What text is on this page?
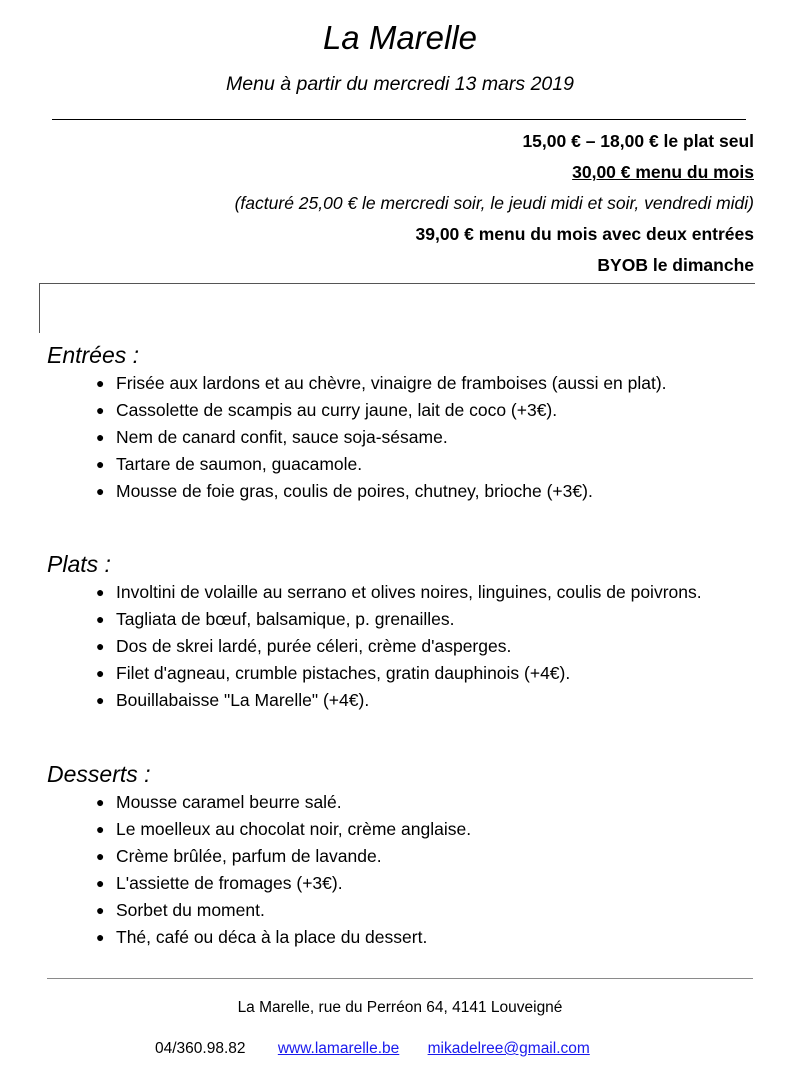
La Marelle
Menu à partir du mercredi 13 mars 2019
15,00 € – 18,00 € le plat seul
30,00 € menu du mois
(facturé 25,00 € le mercredi soir, le jeudi midi et soir, vendredi midi)
39,00 € menu du mois avec deux entrées
BYOB le dimanche
Entrées :
● Frisée aux lardons et au chèvre, vinaigre de framboises (aussi en plat).
● Cassolette de scampis au curry jaune, lait de coco (+3€).
● Nem de canard confit, sauce soja-sésame.
● Tartare de saumon, guacamole.
● Mousse de foie gras, coulis de poires, chutney, brioche (+3€).
Plats :
● Involtini de volaille au serrano et olives noires, linguines, coulis de poivrons.
● Tagliata de bœuf, balsamique, p. grenailles.
● Dos de skrei lardé, purée céleri, crème d'asperges.
● Filet d'agneau, crumble pistaches, gratin dauphinois (+4€).
● Bouillabaisse "La Marelle" (+4€).
Desserts :
● Mousse caramel beurre salé.
● Le moelleux au chocolat noir, crème anglaise.
● Crème brûlée, parfum de lavande.
● L'assiette de fromages (+3€).
● Sorbet du moment.
● Thé, café ou déca à la place du dessert.
La Marelle, rue du Perréon 64, 4141 Louveigné
04/360.98.82 www.lamarelle.be mikadelree@gmail.com
